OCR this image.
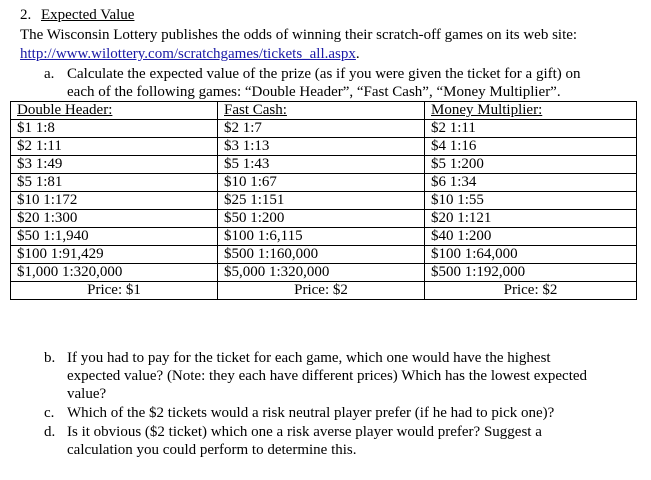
2. Expected Value
The Wisconsin Lottery publishes the odds of winning their scratch-off games on its web site:
http://www.wilottery.com/scratchgames/tickets_all.aspx.
a. Calculate the expected value of the prize (as if you were given the ticket for a gift) on
each of the following games: “Double Header”, “Fast Cash”, “Money Multiplier”.
Double Header:	Fast Cash:	Money Multiplier:
$1 1:8	$2 1:7	$2 1:11
$2 1:11	$3 1:13	$4 1:16
$3 1:49	$5 1:43	$5 1:200
$5 1:81	$10 1:67	$6 1:34
$10 1:172	$25 1:151	$10 1:55
$20 1:300	$50 1:200	$20 1:121
$50 1:1,940	$100 1:6,115	$40 1:200
$100 1:91,429	$500 1:160,000	$100 1:64,000
$1,000 1:320,000	$5,000 1:320,000	$500 1:192,000
Price: $1	Price: $2	Price: $2
b. If you had to pay for the ticket for each game, which one would have the highest
expected value? (Note: they each have different prices) Which has the lowest expected
value?
c. Which of the $2 tickets would a risk neutral player prefer (if he had to pick one)?
d. Is it obvious ($2 ticket) which one a risk averse player would prefer? Suggest a
calculation you could perform to determine this.
